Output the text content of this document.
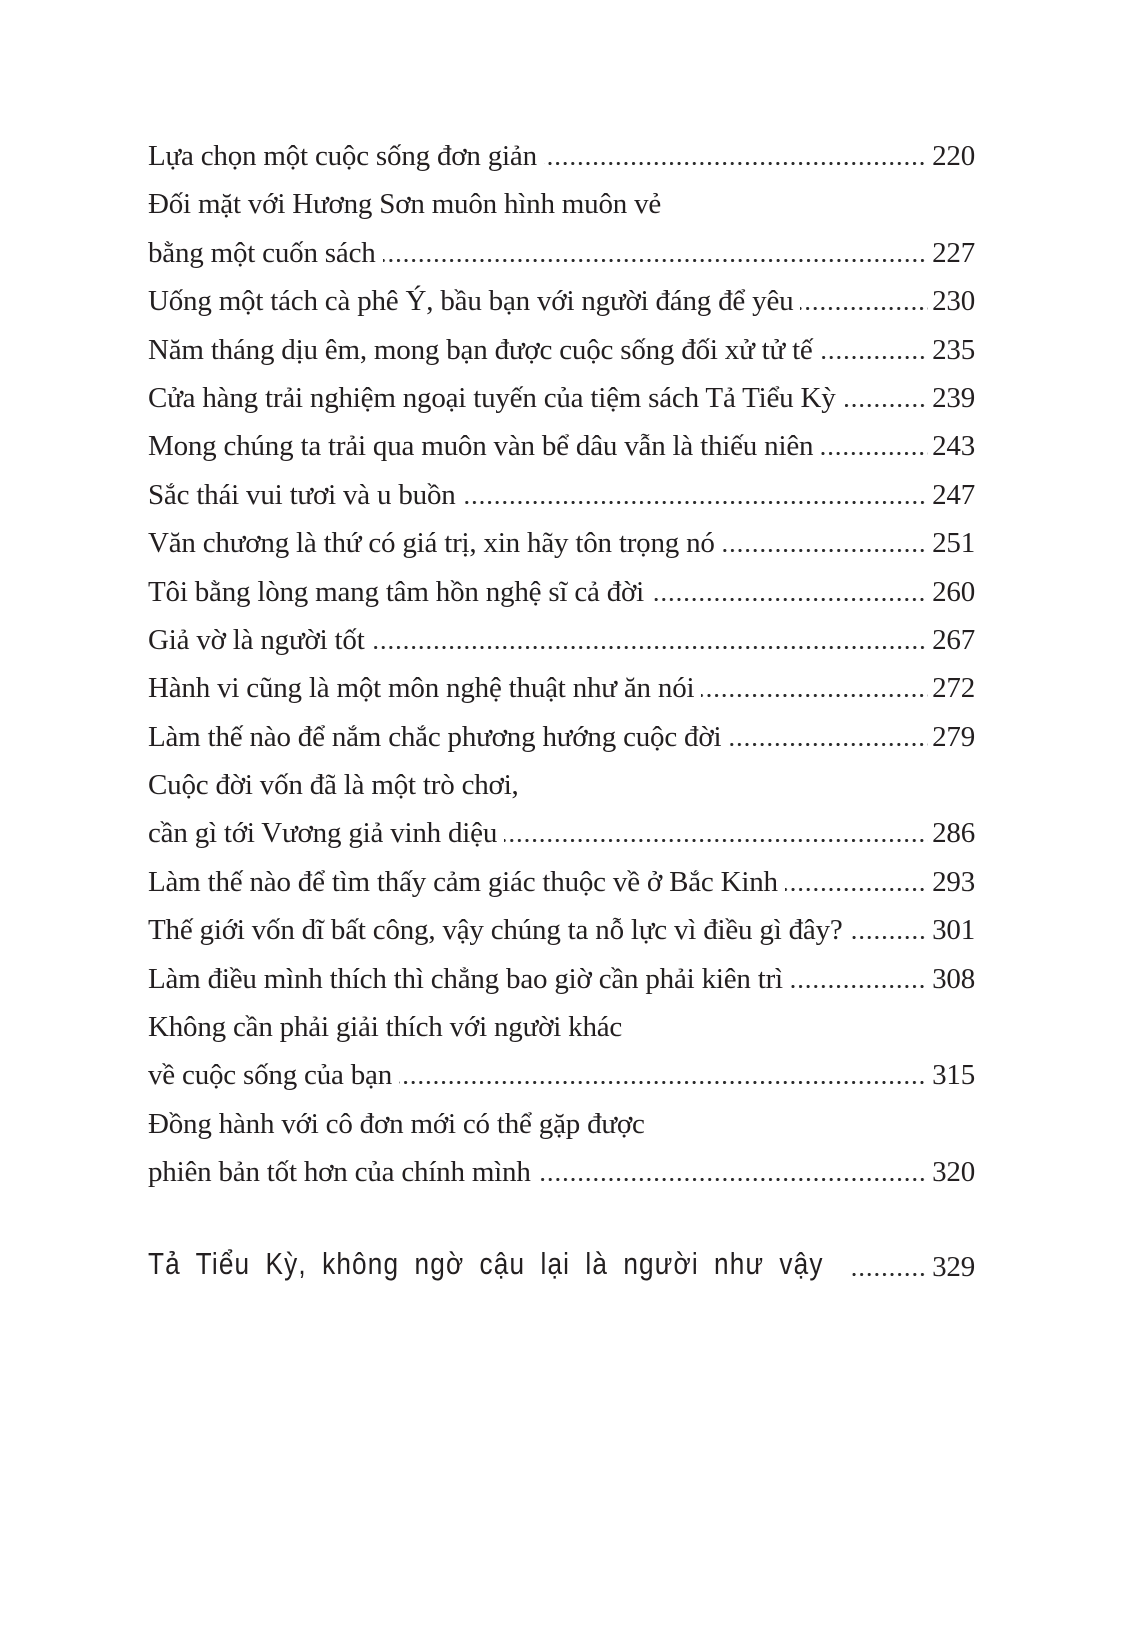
Lựa chọn một cuộc sống đơn giản	220
Đối mặt với Hương Sơn muôn hình muôn vẻ
bằng một cuốn sách	227
Uống một tách cà phê Ý, bầu bạn với người đáng để yêu	230
Năm tháng dịu êm, mong bạn được cuộc sống đối xử tử tế	235
Cửa hàng trải nghiệm ngoại tuyến của tiệm sách Tả Tiểu Kỳ	239
Mong chúng ta trải qua muôn vàn bể dâu vẫn là thiếu niên	243
Sắc thái vui tươi và u buồn	247
Văn chương là thứ có giá trị, xin hãy tôn trọng nó	251
Tôi bằng lòng mang tâm hồn nghệ sĩ cả đời	260
Giả vờ là người tốt	267
Hành vi cũng là một môn nghệ thuật như ăn nói	272
Làm thế nào để nắm chắc phương hướng cuộc đời	279
Cuộc đời vốn đã là một trò chơi,
cần gì tới Vương giả vinh diệu	286
Làm thế nào để tìm thấy cảm giác thuộc về ở Bắc Kinh	293
Thế giới vốn dĩ bất công, vậy chúng ta nỗ lực vì điều gì đây?	301
Làm điều mình thích thì chẳng bao giờ cần phải kiên trì	308
Không cần phải giải thích với người khác
về cuộc sống của bạn	315
Đồng hành với cô đơn mới có thể gặp được
phiên bản tốt hơn của chính mình	320
Tả Tiểu Kỳ, không ngờ cậu lại là người như vậy	329
